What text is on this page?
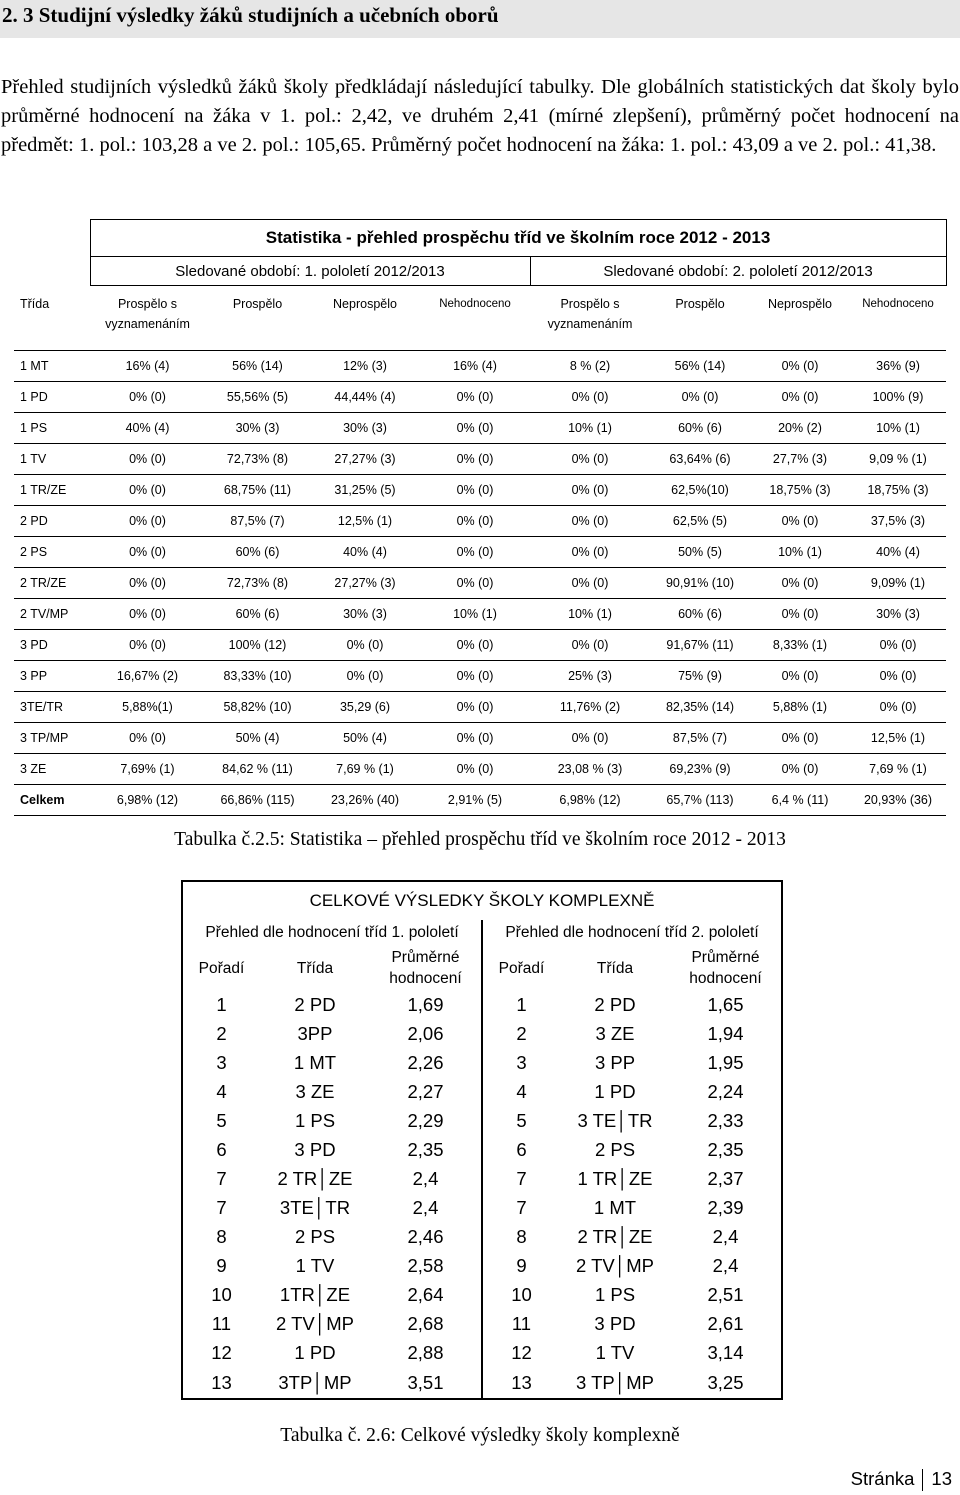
2. 3 Studijní výsledky žáků studijních a učebních oborů

Přehled studijních výsledků žáků školy předkládají následující tabulky. Dle globálních statistických dat školy bylo průměrné hodnocení na žáka v 1. pol.: 2,42, ve druhém 2,41 (mírné zlepšení), průměrný počet hodnocení na předmět: 1. pol.: 103,28 a ve 2. pol.: 105,65. Průměrný počet hodnocení na žáka: 1. pol.: 43,09 a ve 2. pol.: 41,38.

	Statistika - přehled prospěchu tříd ve školním roce 2012 - 2013							
	Sledované období: 1. pololetí 2012/2013				Sledované období: 2. pololetí 2012/2013			
Třída	Prospělo s vyznamenáním	Prospělo	Neprospělo	Nehodnoceno	Prospělo s vyznamenáním	Prospělo	Neprospělo	Nehodnoceno
1 MT	16% (4)	56% (14)	12% (3)	16% (4)	8 % (2)	56% (14)	0% (0)	36% (9)
1 PD	0% (0)	55,56% (5)	44,44% (4)	0% (0)	0% (0)	0% (0)	0% (0)	100% (9)
1 PS	40% (4)	30% (3)	30% (3)	0% (0)	10% (1)	60% (6)	20% (2)	10% (1)
1 TV	0% (0)	72,73% (8)	27,27% (3)	0% (0)	0% (0)	63,64% (6)	27,7% (3)	9,09 % (1)
1 TR/ZE	0% (0)	68,75% (11)	31,25% (5)	0% (0)	0% (0)	62,5%(10)	18,75% (3)	18,75% (3)
2 PD	0% (0)	87,5% (7)	12,5% (1)	0% (0)	0% (0)	62,5% (5)	0% (0)	37,5% (3)
2 PS	0% (0)	60% (6)	40% (4)	0% (0)	0% (0)	50% (5)	10% (1)	40% (4)
2 TR/ZE	0% (0)	72,73% (8)	27,27% (3)	0% (0)	0% (0)	90,91% (10)	0% (0)	9,09% (1)
2 TV/MP	0% (0)	60% (6)	30% (3)	10% (1)	10% (1)	60% (6)	0% (0)	30% (3)
3 PD	0% (0)	100% (12)	0% (0)	0% (0)	0% (0)	91,67% (11)	8,33% (1)	0% (0)
3 PP	16,67% (2)	83,33% (10)	0% (0)	0% (0)	25% (3)	75% (9)	0% (0)	0% (0)
3TE/TR	5,88%(1)	58,82% (10)	35,29 (6)	0% (0)	11,76% (2)	82,35% (14)	5,88% (1)	0% (0)
3 TP/MP	0% (0)	50% (4)	50% (4)	0% (0)	0% (0)	87,5% (7)	0% (0)	12,5% (1)
3 ZE	7,69% (1)	84,62 % (11)	7,69 % (1)	0% (0)	23,08 % (3)	69,23% (9)	0% (0)	7,69 % (1)
Celkem	6,98% (12)	66,86% (115)	23,26% (40)	2,91% (5)	6,98% (12)	65,7% (113)	6,4 % (11)	20,93% (36)
Tabulka č.2.5: Statistika – přehled prospěchu tříd ve školním roce 2012 - 2013
CELKOVÉ VÝSLEDKY ŠKOLY KOMPLEXNĚ					
Přehled dle hodnocení tříd 1. pololetí			Přehled dle hodnocení tříd 2. pololetí		
Pořadí	Třída	Průměrné hodnocení	Pořadí	Třída	Průměrné hodnocení
1	2 PD	1,69	1	2 PD	1,65
2	3PP	2,06	2	3 ZE	1,94
3	1 MT	2,26	3	3 PP	1,95
4	3 ZE	2,27	4	1 PD	2,24
5	1 PS	2,29	5	3 TE│TR	2,33
6	3 PD	2,35	6	2 PS	2,35
7	2 TR│ZE	2,4	7	1 TR│ZE	2,37
7	3TE│TR	2,4	7	1 MT	2,39
8	2 PS	2,46	8	2 TR│ZE	2,4
9	1 TV	2,58	9	2 TV│MP	2,4
10	1TR│ZE	2,64	10	1 PS	2,51
11	2 TV│MP	2,68	11	3 PD	2,61
12	1 PD	2,88	12	1 TV	3,14
13	3TP│MP	3,51	13	3 TP│MP	3,25
Tabulka č. 2.6: Celkové výsledky školy komplexně
Stránka 13
